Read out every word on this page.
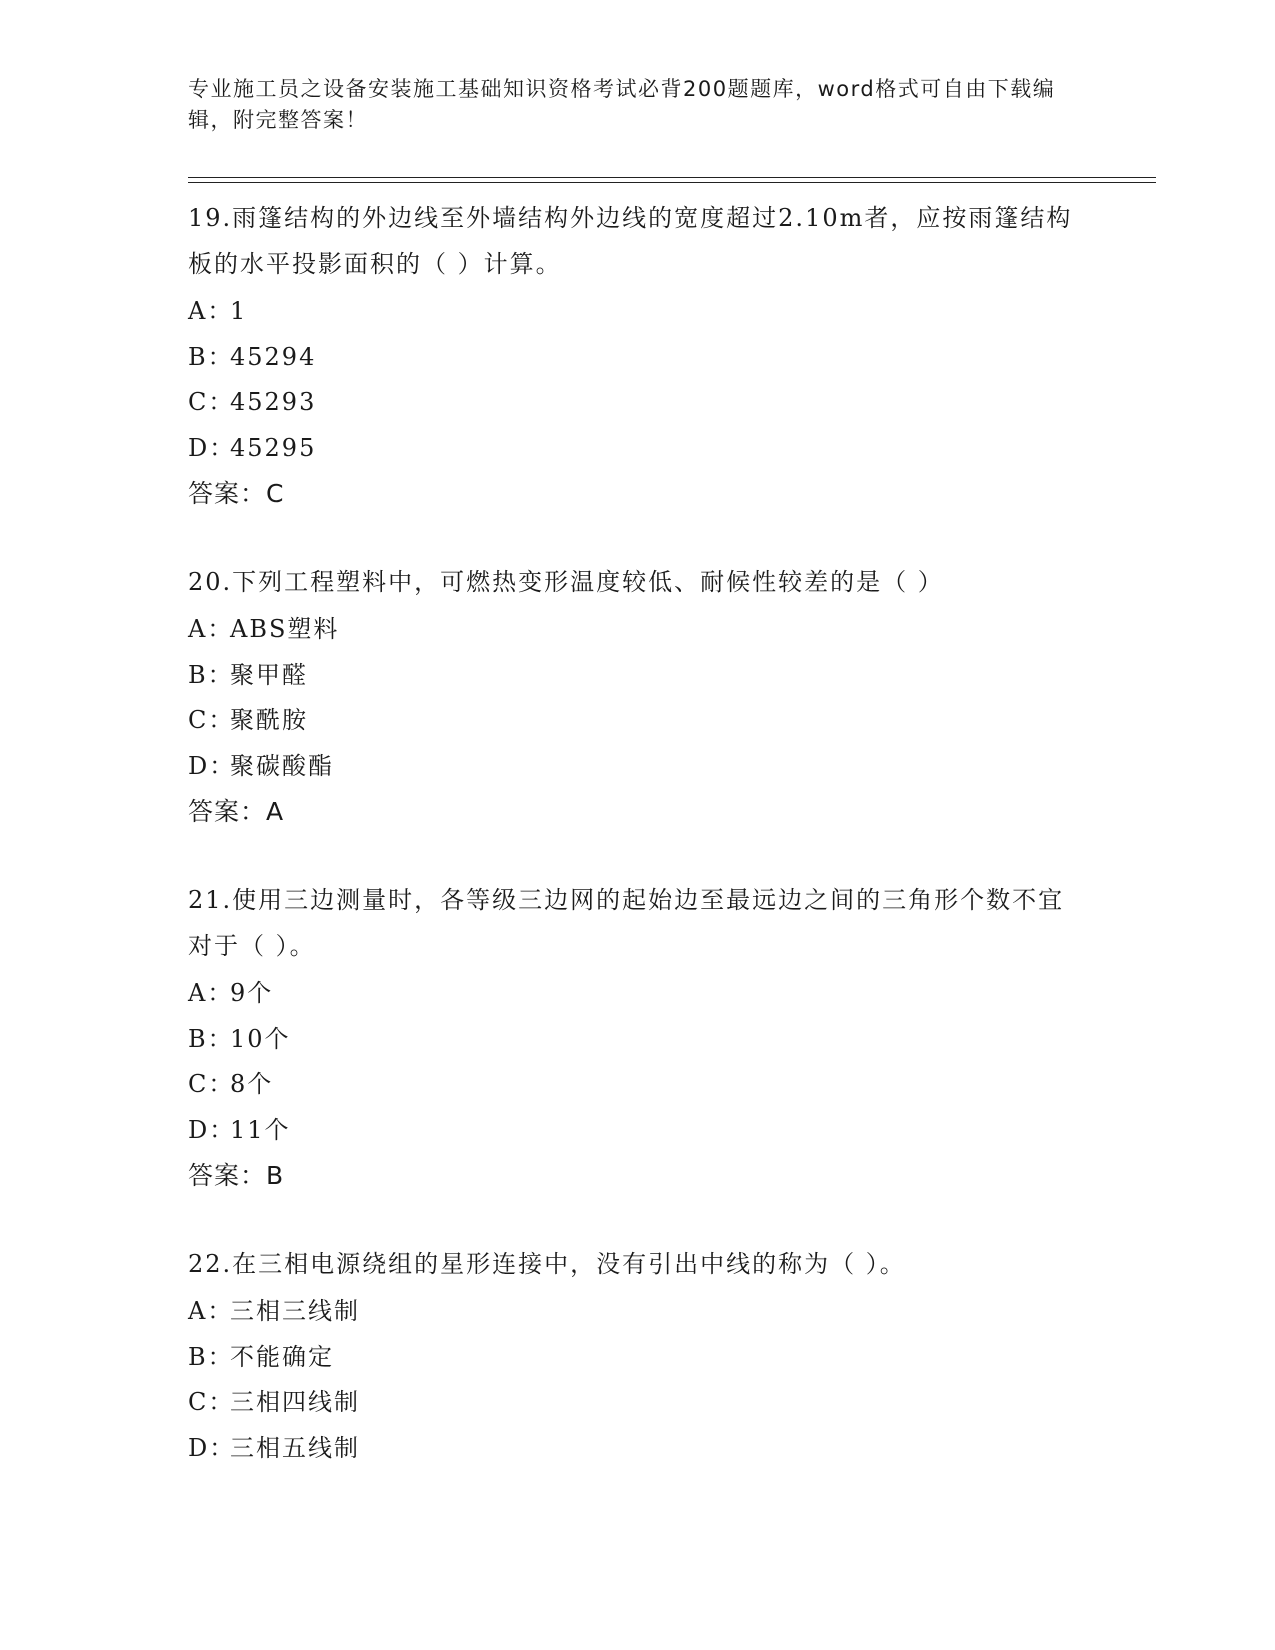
专业施工员之设备安装施工基础知识资格考试必背200题题库，word格式可自由下载编辑，附完整答案！
19.雨篷结构的外边线至外墙结构外边线的宽度超过2.10m者，应按雨篷结构板的水平投影面积的（ ）计算。
A：
1
B：
45294
C：
45293
D：
45295
答案：C
20.下列工程塑料中，可燃热变形温度较低、耐候性较差的是（ ）
A：
ABS塑料
B：
聚甲醛
C：
聚酰胺
D：
聚碳酸酯
答案：A
21.使用三边测量时，各等级三边网的起始边至最远边之间的三角形个数不宜对于（ ）。
A：
9个
B：
10个
C：
8个
D：
11个
答案：B
22.在三相电源绕组的星形连接中，没有引出中线的称为（ ）。
A：
三相三线制
B：
不能确定
C：
三相四线制
D：
三相五线制
